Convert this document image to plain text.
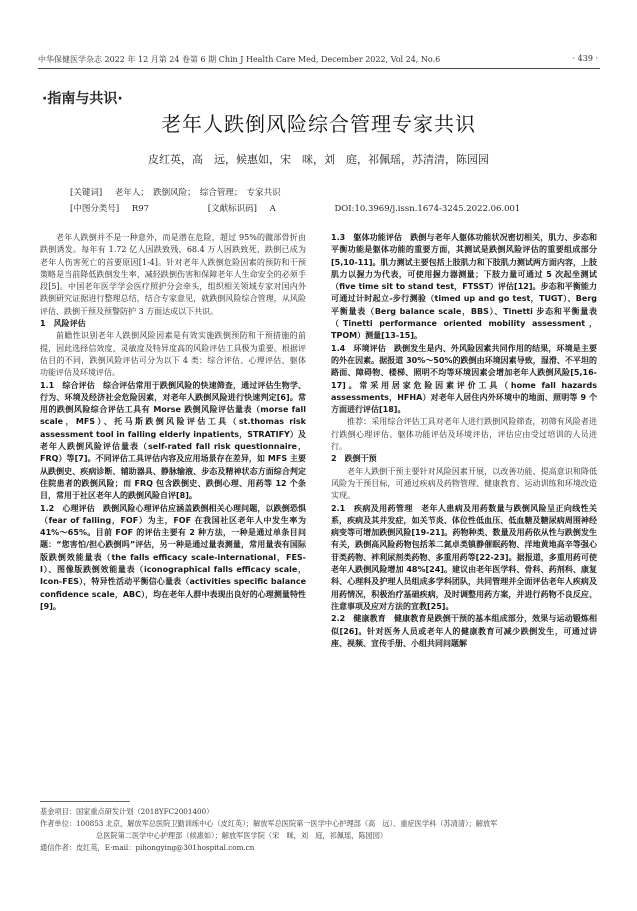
中华保健医学杂志 2022 年 12 月第 24 卷第 6 期 Chin J Health Care Med, December 2022, Vol 24, No.6	· 439 ·
·指南与共识·
老年人跌倒风险综合管理专家共识
皮红英，高　远，候惠如，宋　咪，刘　庭，祁佩瑶，苏清清，陈园园
[关键词] 老年人；　跌倒风险；　综合管理；　专家共识
[中图分类号] R97	[文献标识码] A	DOI:10.3969/j.issn.1674-3245.2022.06.001

老年人跌倒并不是一种意外，而是潜在危险，超过 95%的髋部骨折由跌倒诱发。每年有 1.72 亿人因跌致残，68.4 万人因跌致死，跌倒已成为老年人伤害死亡的首要原因[1-4]。针对老年人跌倒危险因素的预防和干预策略是当前降低跌倒发生率、减轻跌倒伤害和保障老年人生命安全的必须手段[5]。中国老年医学学会医疗照护分会牵头，组织相关领域专家对国内外跌倒研究证据进行整理总结，结合专家意见，就跌倒风险综合管理，从风险评估、跌倒干预及预警防护 3 方面达成以下共识。

1　风险评估

前瞻性识别老年人跌倒风险因素是有效实施跌倒预防和干预措施的前提，因此选择信效度、灵敏度及特异度高的风险评估工具极为重要。根据评估目的不同，跌倒风险评估可分为以下 4 类：综合评估、心理评估、躯体功能评估及环境评估。

1.1　综合评估　综合评估常用于跌倒风险的快速筛查，通过评估生物学、行为、环境及经济社会危险因素，对老年人跌倒风险进行快速判定[6]。常用的跌倒风险综合评估工具有 Morse 跌倒风险评估量表（morse fall scale，MFS）、托马斯跌倒风险评估工具（st.thomas risk assessment tool in falling elderly inpatients，STRATIFY）及老年人跌倒风险评估量表（self-rated fall risk questionnaire，FRQ）等[7]。不同评估工具评估内容及应用场景存在差异，如 MFS 主要从跌倒史、疾病诊断、辅助器具、静脉输液、步态及精神状态方面综合判定住院患者的跌倒风险；而 FRQ 包含跌倒史、跌倒心理、用药等 12 个条目，常用于社区老年人的跌倒风险自评[8]。

1.2　心理评估　跌倒风险心理评估应涵盖跌倒相关心理问题，以跌倒恐惧（fear of falling，FOF）为主，FOF 在我国社区老年人中发生率为 41%～65%。目前 FOF 的评估主要有 2 种方法，一种是通过单条目问题：“您害怕/担心跌倒吗”评估，另一种是通过量表测量，常用量表有国际版跌倒效能量表（the falls efficacy scale-international，FES-I）、图像版跌倒效能量表（iconographical falls efficacy scale，Icon-FES），特异性活动平衡信心量表（activities specific balance confidence scale，ABC），均在老年人群中表现出良好的心理测量特性[9]。

1.3　躯体功能评估　跌倒与老年人躯体功能状况密切相关，肌力、步态和平衡功能是躯体功能的重要方面，其测试是跌倒风险评估的重要组成部分[5,10-11]。肌力测试主要包括上肢肌力和下肢肌力测试两方面内容，上肢肌力以握力为代表，可使用握力器测量；下肢力量可通过 5 次起坐测试（five time sit to stand test，FTSST）评估[12]。步态和平衡能力可通过计时起立-步行测验（timed up and go test，TUGT）、Berg 平衡量表（Berg balance scale，BBS）、Tinetti 步态和平衡量表（Tinetti performance oriented mobility assessment，TPOM）测量[13-15]。

1.4　环境评估　跌倒发生是内、外风险因素共同作用的结果，环境是主要的外在因素。据报道 30%～50%的跌倒由环境因素导致，湿滑、不平坦的路面、障碍物、楼梯、照明不均等环境因素会增加老年人跌倒风险[5,16-17]。常采用居家危险因素评价工具（home fall hazards assessments，HFHA）对老年人居住内外环境中的地面、照明等 9 个方面进行评估[18]。

推荐：采用综合评估工具对老年人进行跌倒风险筛查，初筛有风险者进行跌倒心理评估、躯体功能评估及环境评估，评估应由受过培训的人员进行。

2　跌倒干预

老年人跌倒干预主要针对风险因素开展，以改善功能、提高意识和降低风险为干预目标，可通过疾病及药物管理、健康教育、运动训练和环境改造实现。

2.1　疾病及用药管理　老年人患病及用药数量与跌倒风险呈正向线性关系，疾病及其并发症，如关节炎、体位性低血压、低血糖及糖尿病周围神经病变等可增加跌倒风险[19-21]。药物种类、数量及用药依从性与跌倒发生有关，跌倒高风险药物包括苯二氮卓类镇静催眠药物、洋地黄地高辛等强心苷类药物、袢利尿剂类药物、多重用药等[22-23]。据报道，多重用药可使老年人跌倒风险增加 48%[24]。建议由老年医学科、骨科、药剂科、康复科、心理科及护理人员组成多学科团队，共同管理并全面评估老年人疾病及用药情况，积极治疗基础疾病，及时调整用药方案，并进行药物不良反应、注意事项及应对方法的宣教[25]。

2.2　健康教育　健康教育是跌倒干预的基本组成部分，效果与运动锻炼相似[26]。针对医务人员或老年人的健康教育可减少跌倒发生，可通过讲座、视频、宣传手册、小组共同问题解

基金项目：国家重点研发计划（2018YFC2001400）
作者单位：100853 北京，解放军总医院卫勤训练中心（皮红英）；解放军总医院第一医学中心护理部（高　远）、重症医学科（苏清清）；解放军
总医院第二医学中心护理部（候惠如）；解放军医学院（宋　咪，刘　庭，祁佩瑶，陈园园）
通信作者：皮红英，E-mail：pihongying@301hospital.com.cn
